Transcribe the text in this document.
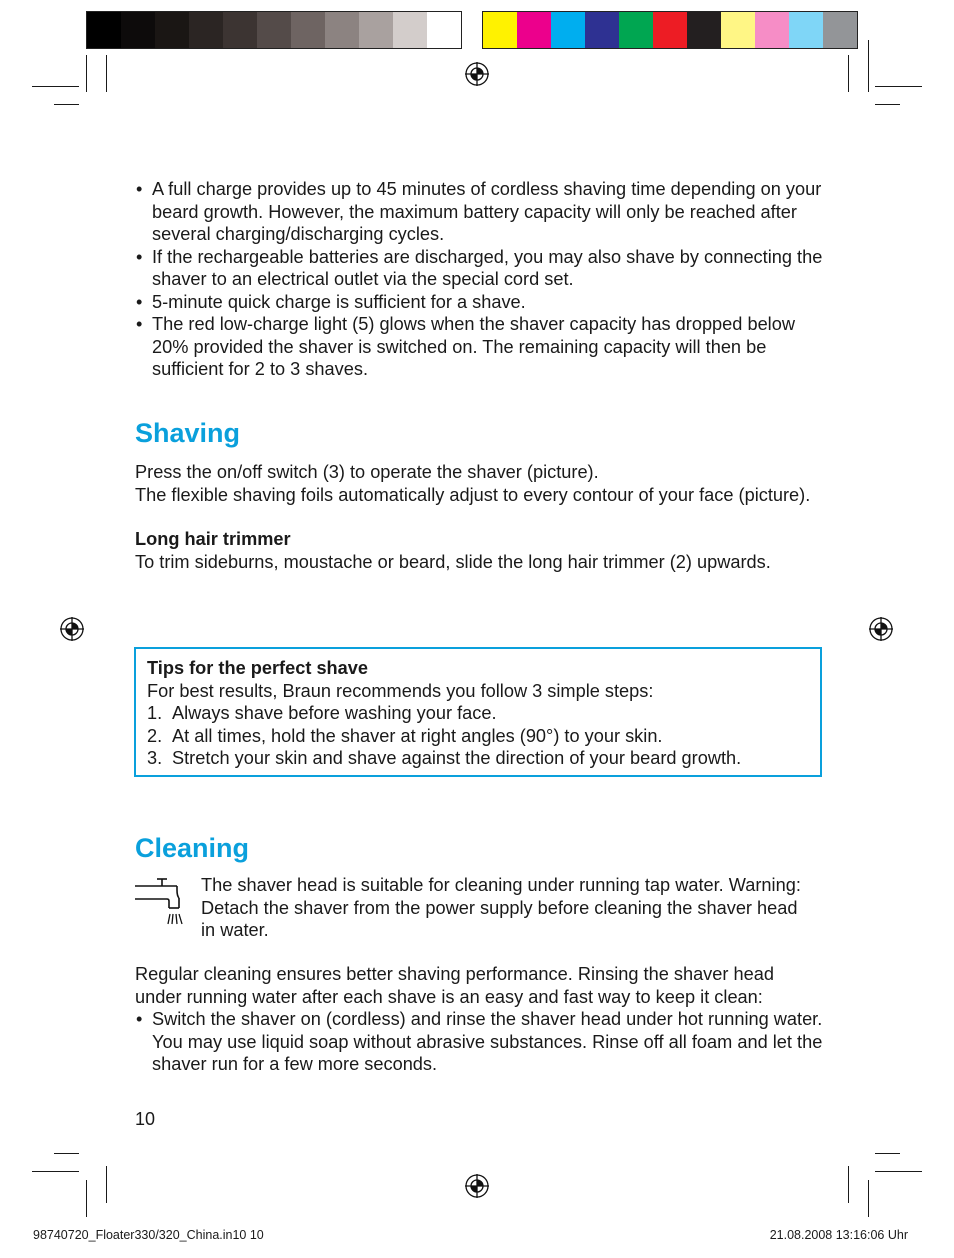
• A full charge provides up to 45 minutes of cordless shaving time depending on your beard growth. However, the maximum battery capacity will only be reached after several charging/discharging cycles.
• If the rechargeable batteries are discharged, you may also shave by connecting the shaver to an electrical outlet via the special cord set.
• 5-minute quick charge is sufficient for a shave.
• The red low-charge light (5) glows when the shaver capacity has dropped below 20% provided the shaver is switched on. The remaining capacity will then be sufficient for 2 to 3 shaves.
Shaving

Press the on/off switch (3) to operate the shaver (picture).

The flexible shaving foils automatically adjust to every contour of your face (picture).

Long hair trimmer

To trim sideburns, moustache or beard, slide the long hair trimmer (2) upwards.

Tips for the perfect shave

For best results, Braun recommends you follow 3 simple steps:

1. Always shave before washing your face.
2. At all times, hold the shaver at right angles (90°) to your skin.
3. Stretch your skin and shave against the direction of your beard growth.
Cleaning

The shaver head is suitable for cleaning under running tap water. Warning: Detach the shaver from the power supply before cleaning the shaver head in water.

Regular cleaning ensures better shaving performance. Rinsing the shaver head under running water after each shave is an easy and fast way to keep it clean:

• Switch the shaver on (cordless) and rinse the shaver head under hot running water. You may use liquid soap without abrasive substances. Rinse off all foam and let the shaver run for a few more seconds.
10
98740720_Floater330/320_China.in10 10	21.08.2008 13:16:06 Uhr
